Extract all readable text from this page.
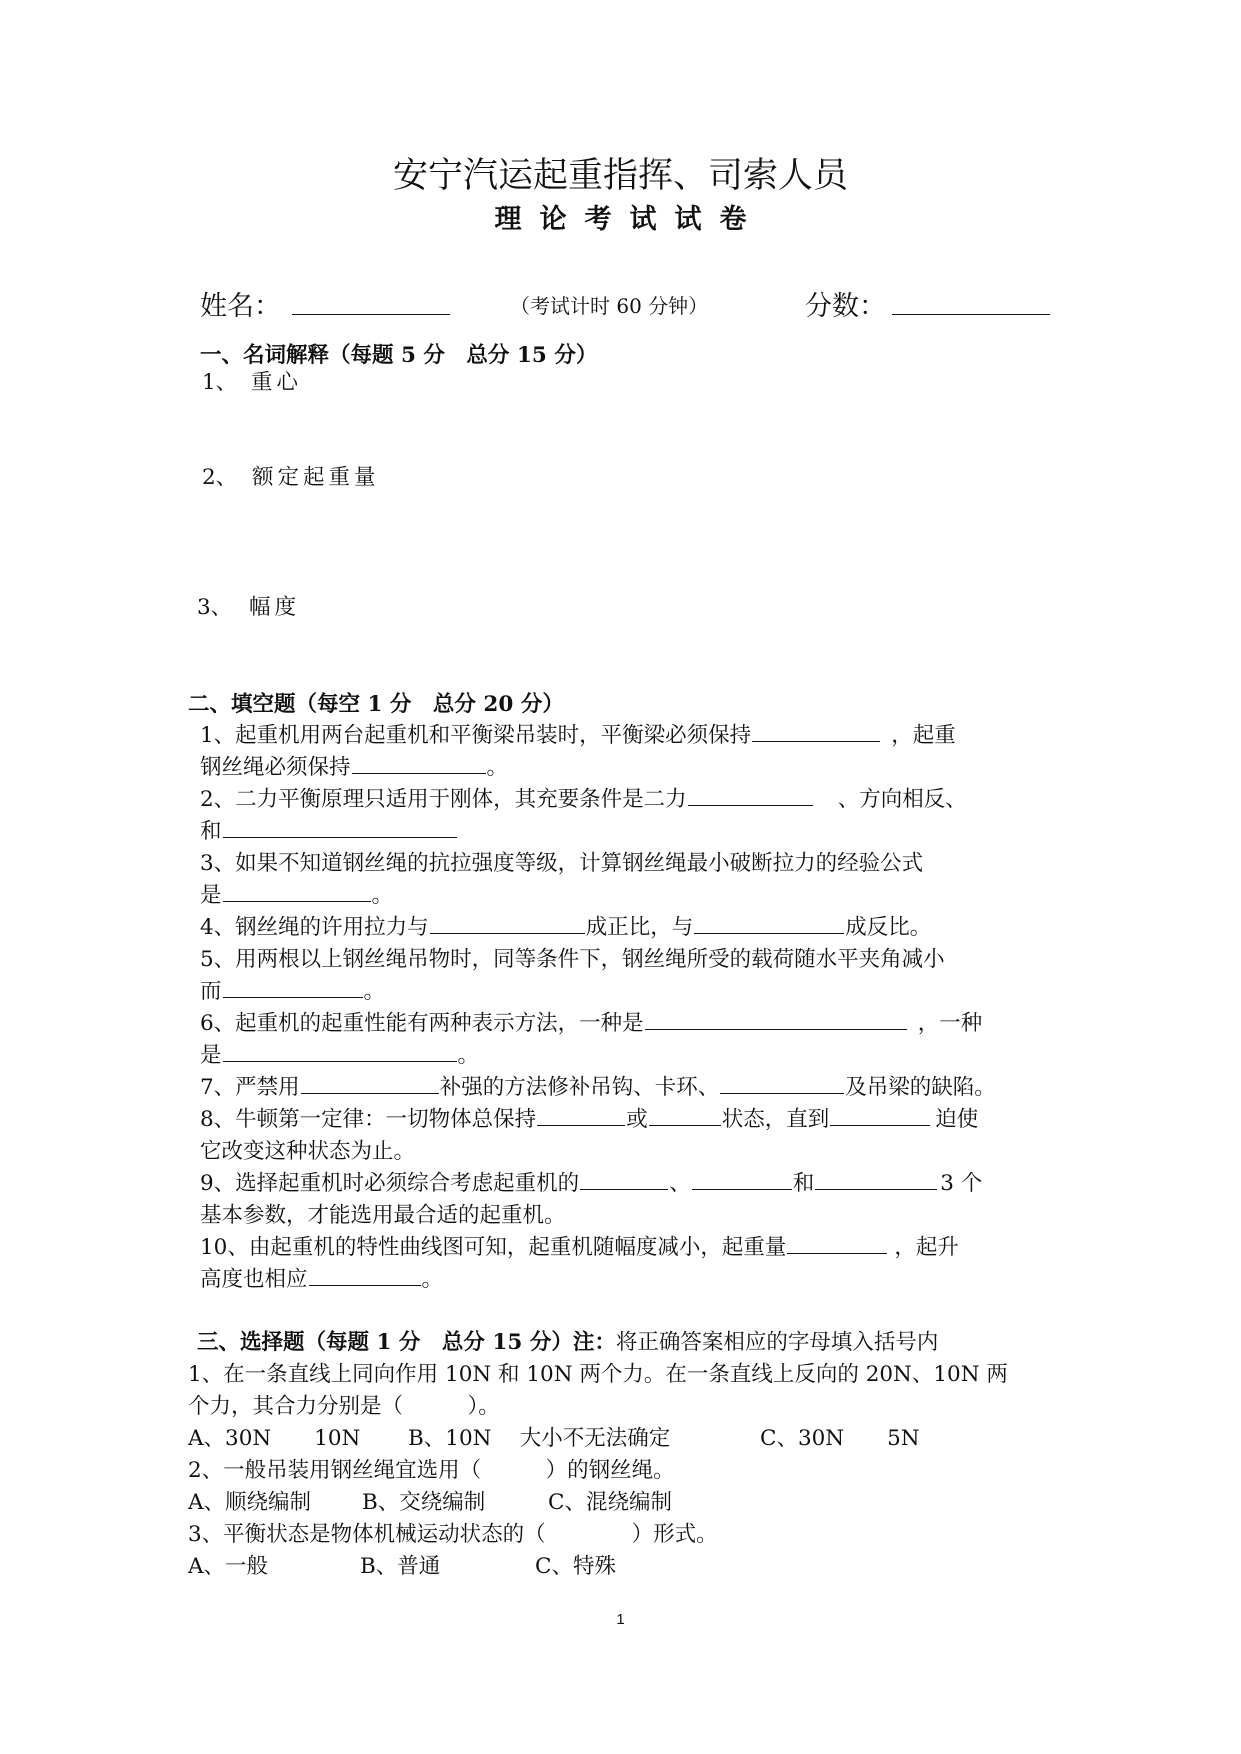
安宁汽运起重指挥、司索人员
理论考试试卷
姓名：	（考试计时 60 分钟）	分数：
一、名词解释（每题 5 分　总分 15 分）
1、 重心
2、 额定起重量
3、 幅度
二、填空题（每空 1 分　总分 20 分）
1、起重机用两台起重机和平衡梁吊装时，平衡梁必须保持	，起重
钢丝绳必须保持	。
2、二力平衡原理只适用于刚体，其充要条件是二力	、方向相反、
和
3、如果不知道钢丝绳的抗拉强度等级，计算钢丝绳最小破断拉力的经验公式
是	。
4、钢丝绳的许用拉力与	成正比，与	成反比。
5、用两根以上钢丝绳吊物时，同等条件下，钢丝绳所受的载荷随水平夹角减小
而	。
6、起重机的起重性能有两种表示方法，一种是	，一种
是	。
7、严禁用	补强的方法修补吊钩、卡环、	及吊梁的缺陷。
8、牛顿第一定律：一切物体总保持	或	状态，直到	迫使
它改变这种状态为止。
9、选择起重机时必须综合考虑起重机的	、	和	3 个
基本参数，才能选用最合适的起重机。
10、由起重机的特性曲线图可知，起重机随幅度减小，起重量	，起升
高度也相应	。
三、选择题（每题 1 分　总分 15 分）注：将正确答案相应的字母填入括号内
1、在一条直线上同向作用 10N 和 10N 两个力。在一条直线上反向的 20N、10N 两
个力，其合力分别是（　　　）。
A、30N　　10N B、10N　 大小不无法确定	C、30N　　5N
2、一般吊装用钢丝绳宜选用（　　　）的钢丝绳。
A、顺绕编制 B、交绕编制	C、混绕编制
3、平衡状态是物体机械运动状态的（　　　　）形式。
A、一般	B、普通	C、特殊
1
